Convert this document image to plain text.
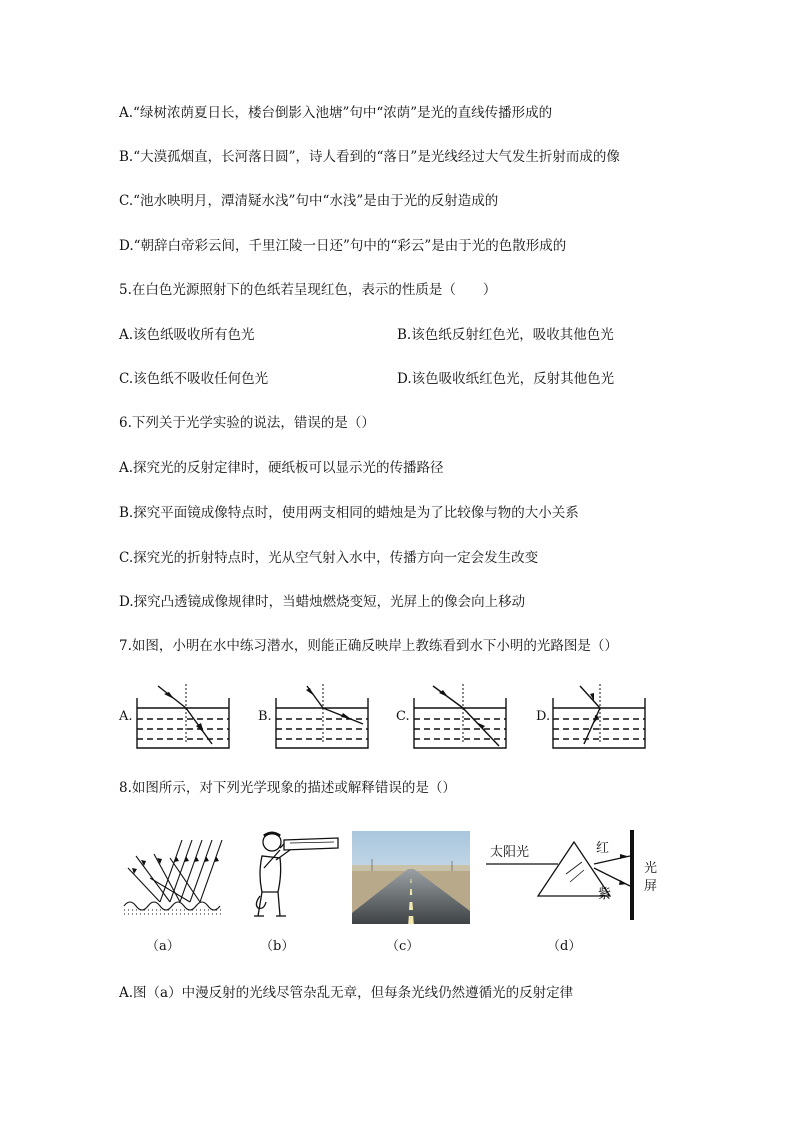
A.“绿树浓荫夏日长，楼台倒影入池塘”句中“浓荫”是光的直线传播形成的
B.“大漠孤烟直，长河落日圆”，诗人看到的“落日”是光线经过大气发生折射而成的像
C.“池水映明月，潭清疑水浅”句中“水浅”是由于光的反射造成的
D.“朝辞白帝彩云间，千里江陵一日还”句中的“彩云”是由于光的色散形成的
5.在白色光源照射下的色纸若呈现红色，表示的性质是（　　）
A.该色纸吸收所有色光	B.该色纸反射红色光，吸收其他色光
C.该色纸不吸收任何色光	D.该色吸收纸红色光，反射其他色光
6.下列关于光学实验的说法，错误的是（）
A.探究光的反射定律时，硬纸板可以显示光的传播路径
B.探究平面镜成像特点时，使用两支相同的蜡烛是为了比较像与物的大小关系
C.探究光的折射特点时，光从空气射入水中，传播方向一定会发生改变
D.探究凸透镜成像规律时，当蜡烛燃烧变短，光屏上的像会向上移动
7.如图，小明在水中练习潜水，则能正确反映岸上教练看到水下小明的光路图是（）
A.	B.	C.	D.
8.如图所示，对下列光学现象的描述或解释错误的是（）
（a）	（b）	（c）
太阳光	红
紫
光
屏
（d）
A.图（a）中漫反射的光线尽管杂乱无章，但每条光线仍然遵循光的反射定律
